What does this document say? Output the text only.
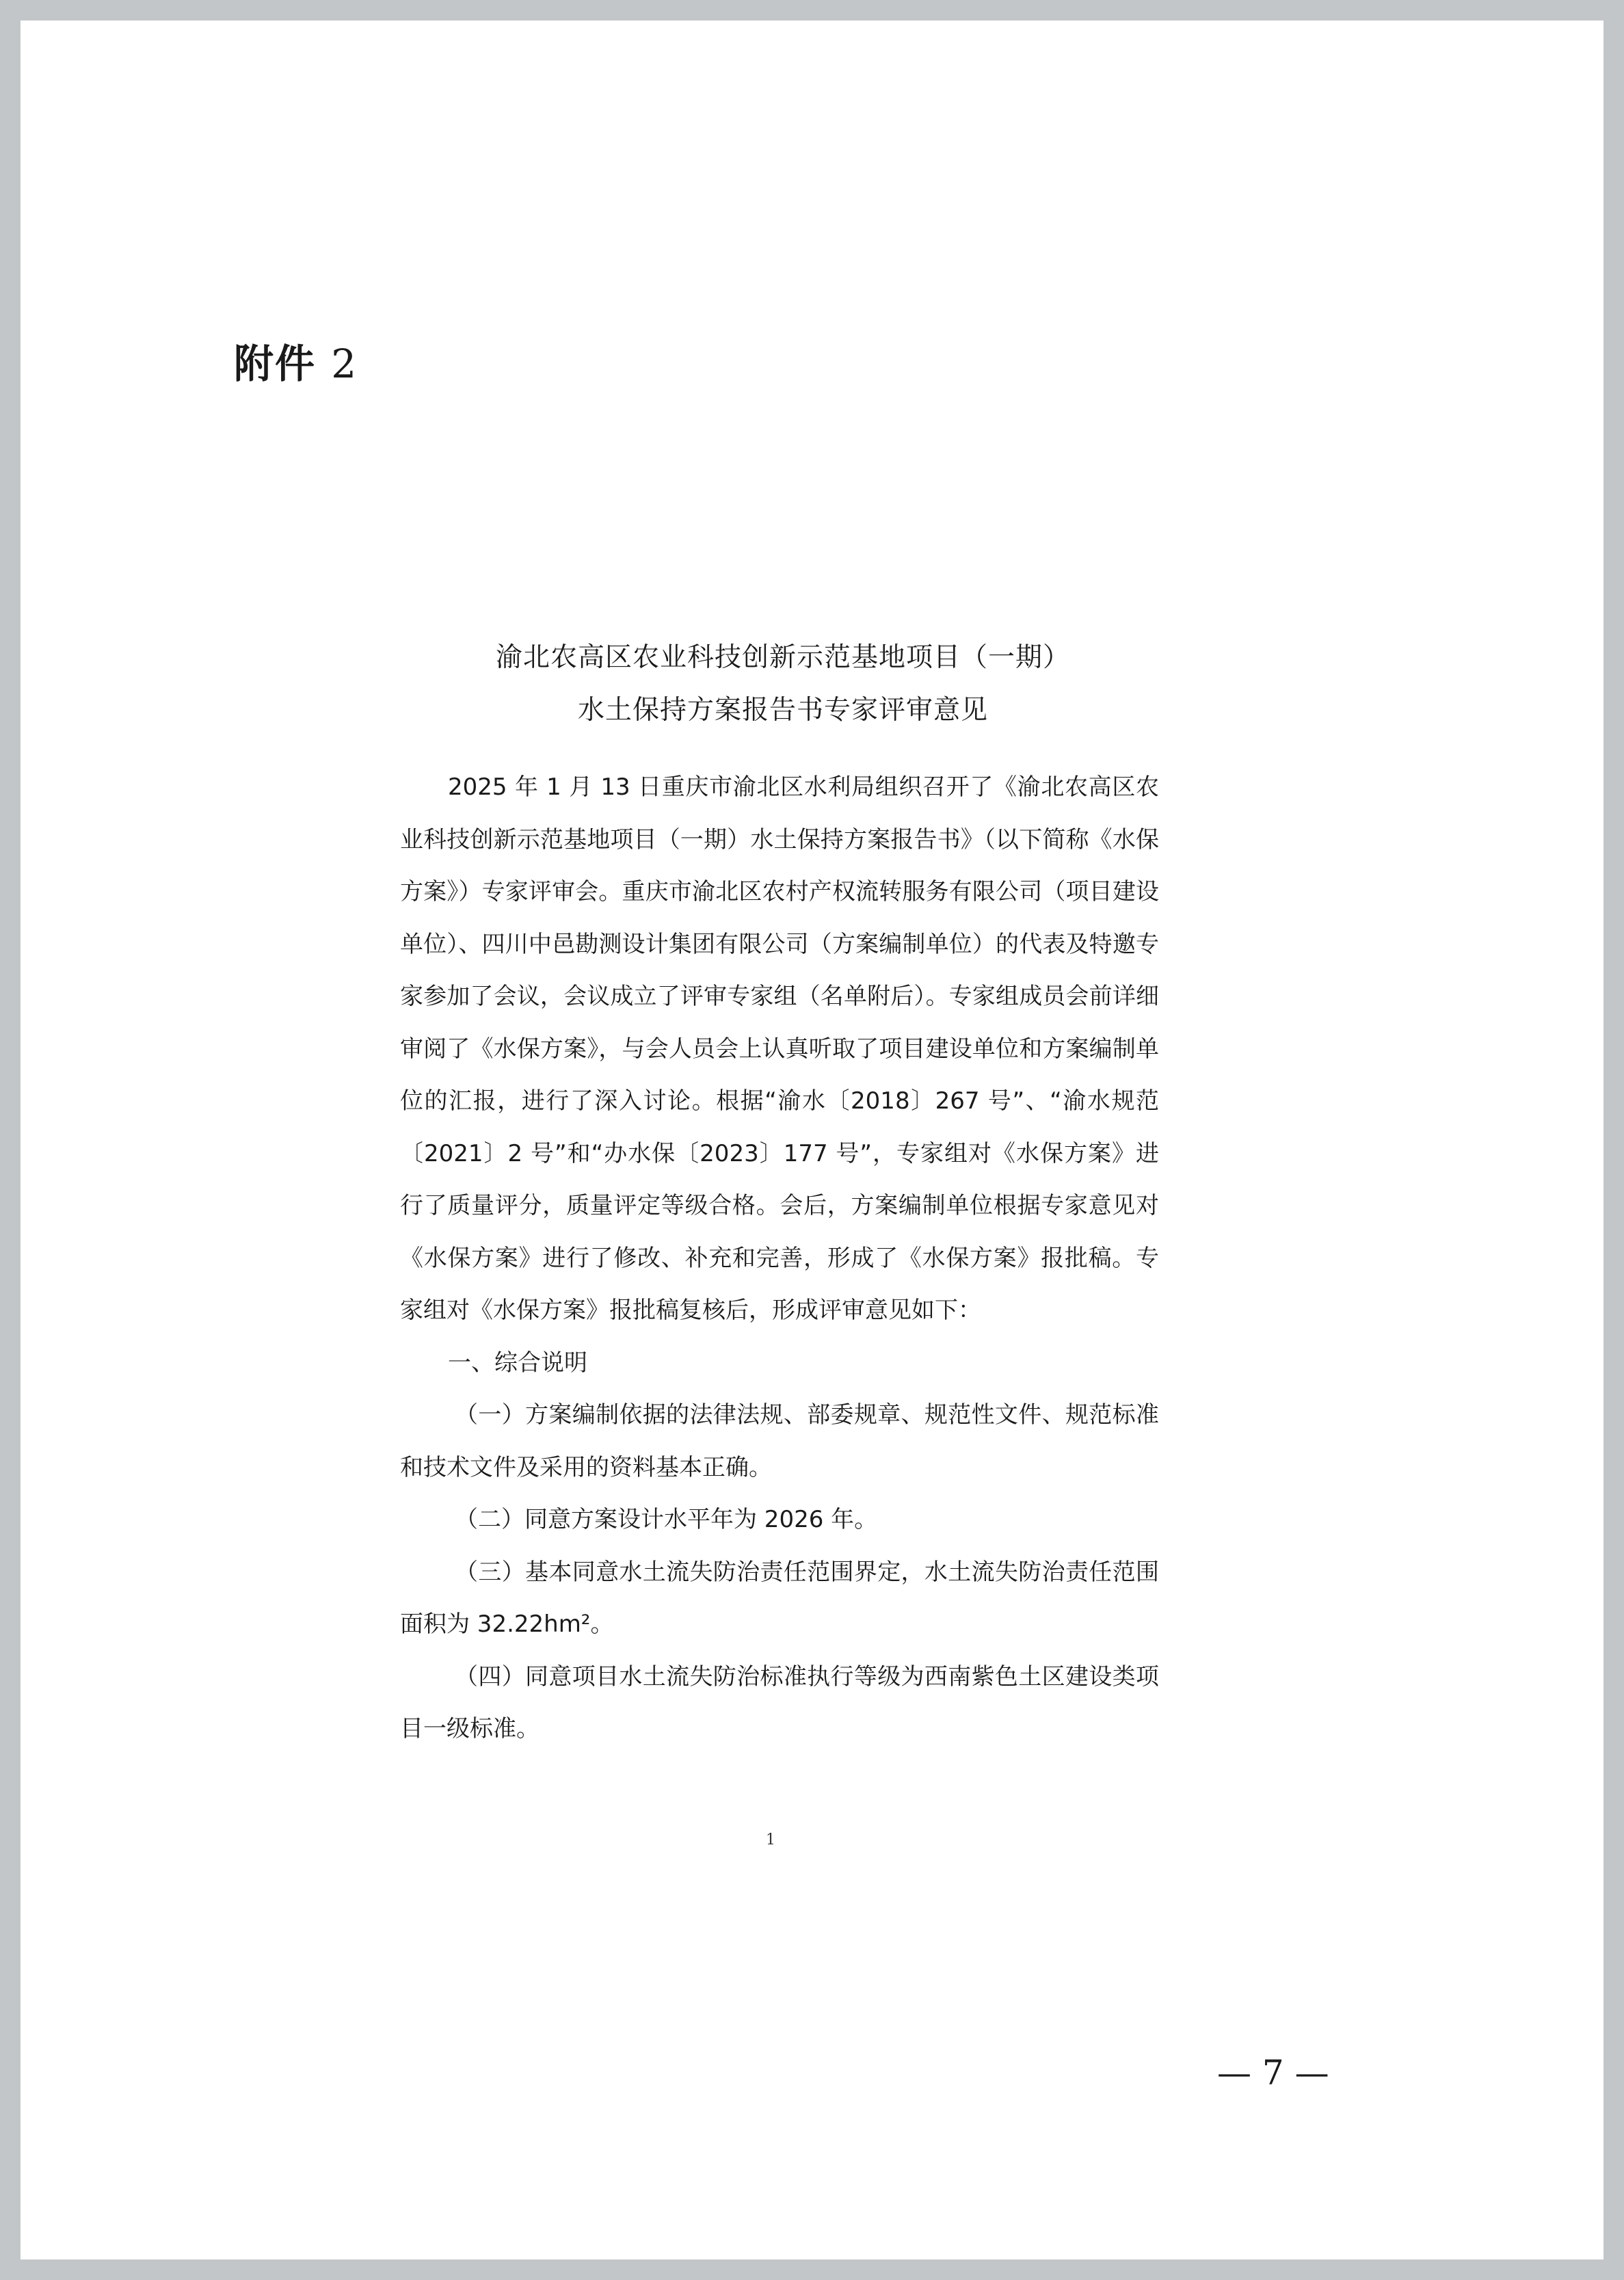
附件 2
渝北农高区农业科技创新示范基地项目（一期）
水土保持方案报告书专家评审意见

2025 年 1 月 13 日重庆市渝北区水利局组织召开了《渝北农高区农业科技创新示范基地项目（一期）水土保持方案报告书》（以下简称《水保方案》）专家评审会。重庆市渝北区农村产权流转服务有限公司（项目建设单位）、四川中邑勘测设计集团有限公司（方案编制单位）的代表及特邀专家参加了会议，会议成立了评审专家组（名单附后）。专家组成员会前详细审阅了《水保方案》，与会人员会上认真听取了项目建设单位和方案编制单位的汇报，进行了深入讨论。根据“渝水〔2018〕267 号”、“渝水规范〔2021〕2 号”和“办水保〔2023〕177 号”，专家组对《水保方案》进行了质量评分，质量评定等级合格。会后，方案编制单位根据专家意见对《水保方案》进行了修改、补充和完善，形成了《水保方案》报批稿。专家组对《水保方案》报批稿复核后，形成评审意见如下：

一、综合说明

（一）方案编制依据的法律法规、部委规章、规范性文件、规范标准和技术文件及采用的资料基本正确。

（二）同意方案设计水平年为 2026 年。

（三）基本同意水土流失防治责任范围界定，水土流失防治责任范围面积为 32.22hm²。

（四）同意项目水土流失防治标准执行等级为西南紫色土区建设类项目一级标准。

1
— 7 —
